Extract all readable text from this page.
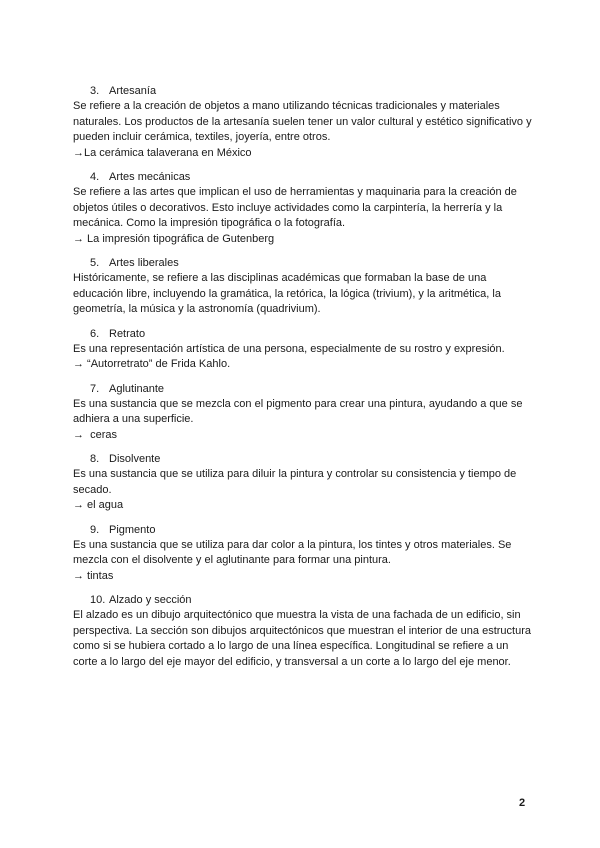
3. Artesanía
Se refiere a la creación de objetos a mano utilizando técnicas tradicionales y materiales naturales. Los productos de la artesanía suelen tener un valor cultural y estético significativo y pueden incluir cerámica, textiles, joyería, entre otros.
→La cerámica talaverana en México
4. Artes mecánicas
Se refiere a las artes que implican el uso de herramientas y maquinaria para la creación de objetos útiles o decorativos. Esto incluye actividades como la carpintería, la herrería y la mecánica. Como la impresión tipográfica o la fotografía.
→ La impresión tipográfica de Gutenberg
5. Artes liberales
Históricamente, se refiere a las disciplinas académicas que formaban la base de una educación libre, incluyendo la gramática, la retórica, la lógica (trivium), y la aritmética, la geometría, la música y la astronomía (quadrivium).
6. Retrato
Es una representación artística de una persona, especialmente de su rostro y expresión.
→ “Autorretrato” de Frida Kahlo.
7. Aglutinante
Es una sustancia que se mezcla con el pigmento para crear una pintura, ayudando a que se adhiera a una superficie.
→  ceras
8. Disolvente
Es una sustancia que se utiliza para diluir la pintura y controlar su consistencia y tiempo de secado.
→ el agua
9. Pigmento
Es una sustancia que se utiliza para dar color a la pintura, los tintes y otros materiales. Se mezcla con el disolvente y el aglutinante para formar una pintura.
→ tintas
10. Alzado y sección
El alzado es un dibujo arquitectónico que muestra la vista de una fachada de un edificio, sin perspectiva. La sección son dibujos arquitectónicos que muestran el interior de una estructura como si se hubiera cortado a lo largo de una línea específica. Longitudinal se refiere a un corte a lo largo del eje mayor del edificio, y transversal a un corte a lo largo del eje menor.
2
